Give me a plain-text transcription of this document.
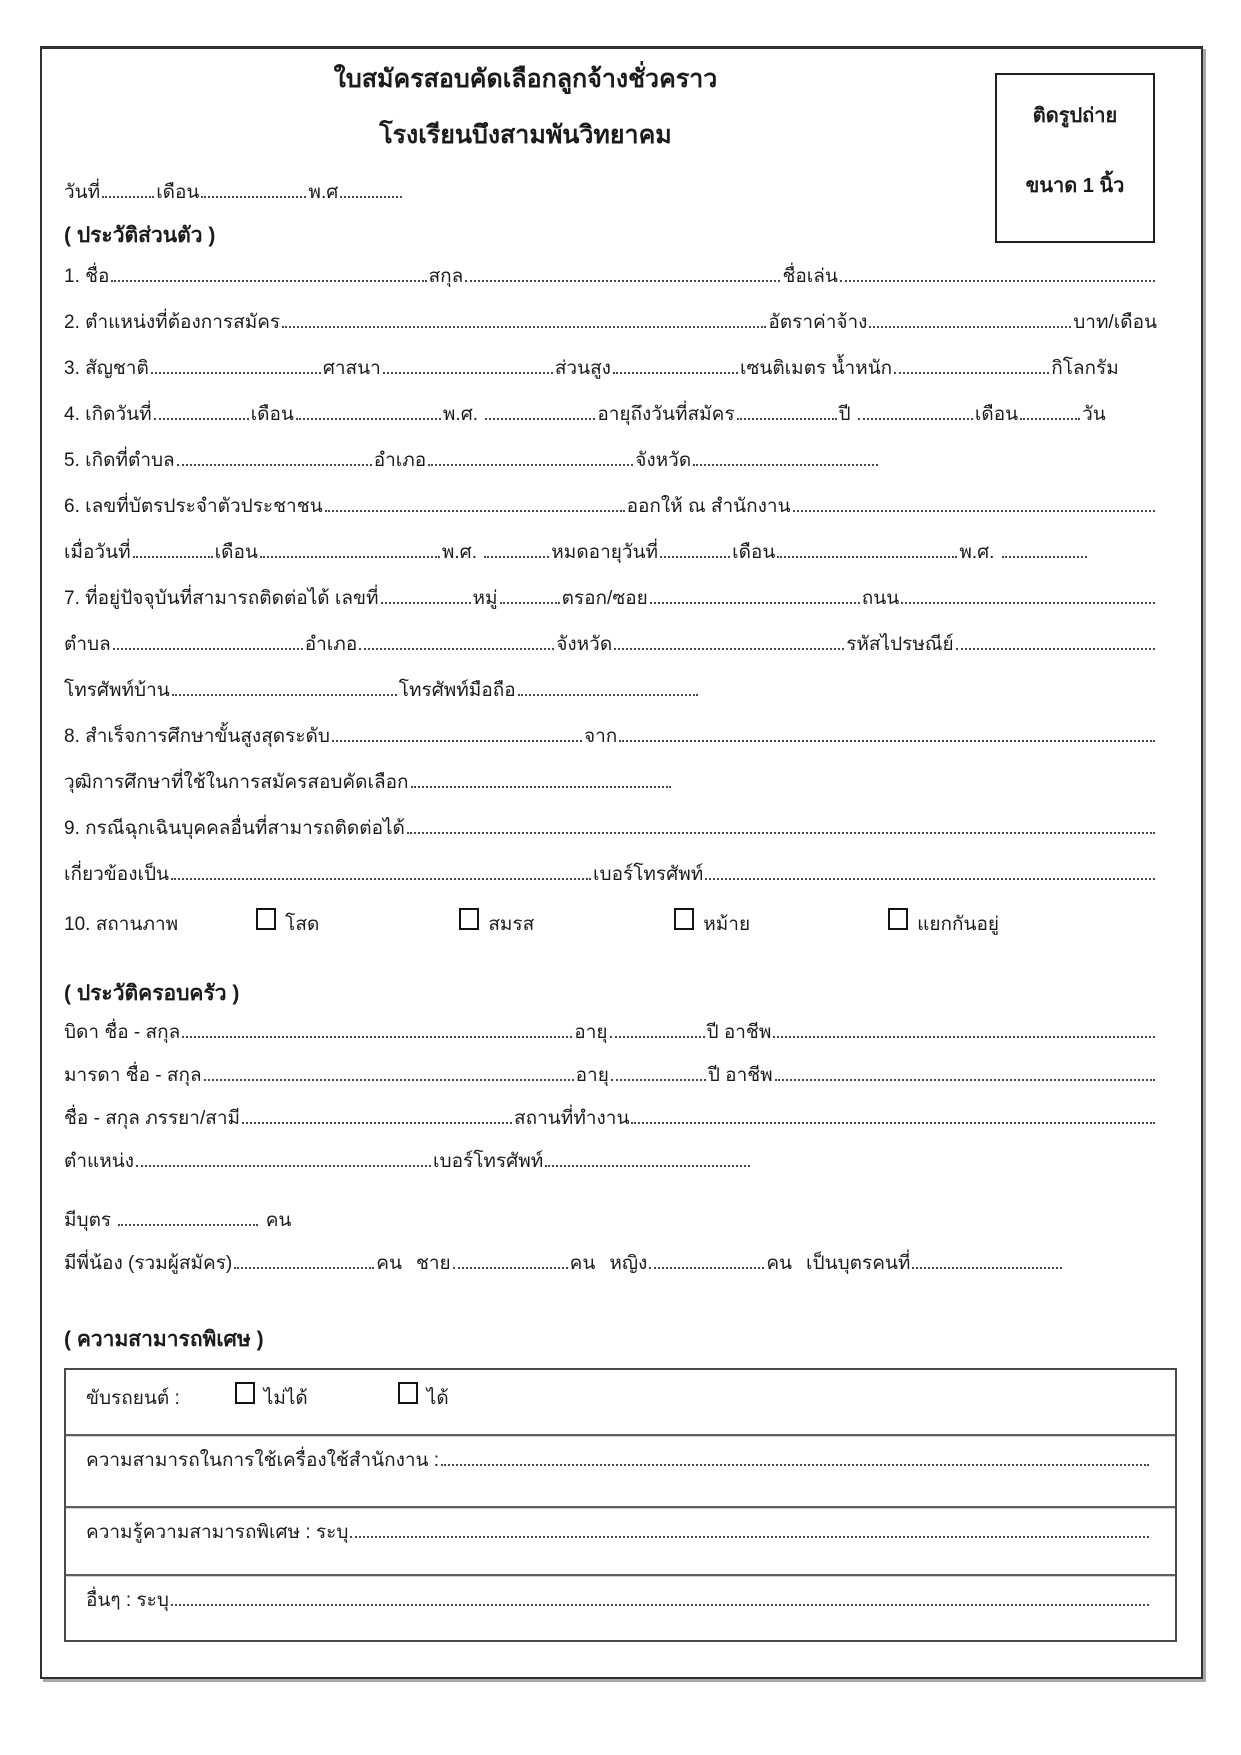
ติดรูปถ่าย
ขนาด 1 นิ้ว
ใบสมัครสอบคัดเลือกลูกจ้างชั่วคราว
โรงเรียนบึงสามพันวิทยาคม
วันที่	เดือน	พ.ศ
( ประวัติส่วนตัว )
1. ชื่อ	สกุล	ชื่อเล่น
2. ตำแหน่งที่ต้องการสมัคร	อัตราค่าจ้าง	บาท/เดือน
3. สัญชาติ	ศาสนา	ส่วนสูง	เซนติเมตร น้ำหนัก	กิโลกรัม
4. เกิดวันที่	เดือน	พ.ศ.	อายุถึงวันที่สมัคร	ปี	เดือน	วัน
5. เกิดที่ตำบล	อำเภอ	จังหวัด
6. เลขที่บัตรประจำตัวประชาชน	ออกให้ ณ สำนักงาน
เมื่อวันที่	เดือน	พ.ศ.	หมดอายุวันที่	เดือน	พ.ศ.
7. ที่อยู่ปัจจุบันที่สามารถติดต่อได้ เลขที่	หมู่	ตรอก/ซอย	ถนน
ตำบล	อำเภอ	จังหวัด	รหัสไปรษณีย์
โทรศัพท์บ้าน	โทรศัพท์มือถือ
8. สำเร็จการศึกษาขั้นสูงสุดระดับ	จาก
วุฒิการศึกษาที่ใช้ในการสมัครสอบคัดเลือก
9. กรณีฉุกเฉินบุคคลอื่นที่สามารถติดต่อได้
เกี่ยวข้องเป็น	เบอร์โทรศัพท์
10. สถานภาพ	โสด	สมรส	หม้าย	แยกกันอยู่
( ประวัติครอบครัว )
บิดา ชื่อ - สกุล	อายุ	ปี อาชีพ
มารดา ชื่อ - สกุล	อายุ	ปี อาชีพ
ชื่อ - สกุล ภรรยา/สามี	สถานที่ทำงาน
ตำแหน่ง	เบอร์โทรศัพท์
มีบุตร	คน
มีพี่น้อง (รวมผู้สมัคร)	คน ชาย	คน หญิง	คน เป็นบุตรคนที่
( ความสามารถพิเศษ )
ขับรถยนต์ :	ไม่ได้	ได้
ความสามารถในการใช้เครื่องใช้สำนักงาน :
ความรู้ความสามารถพิเศษ : ระบุ
อื่นๆ : ระบุ
